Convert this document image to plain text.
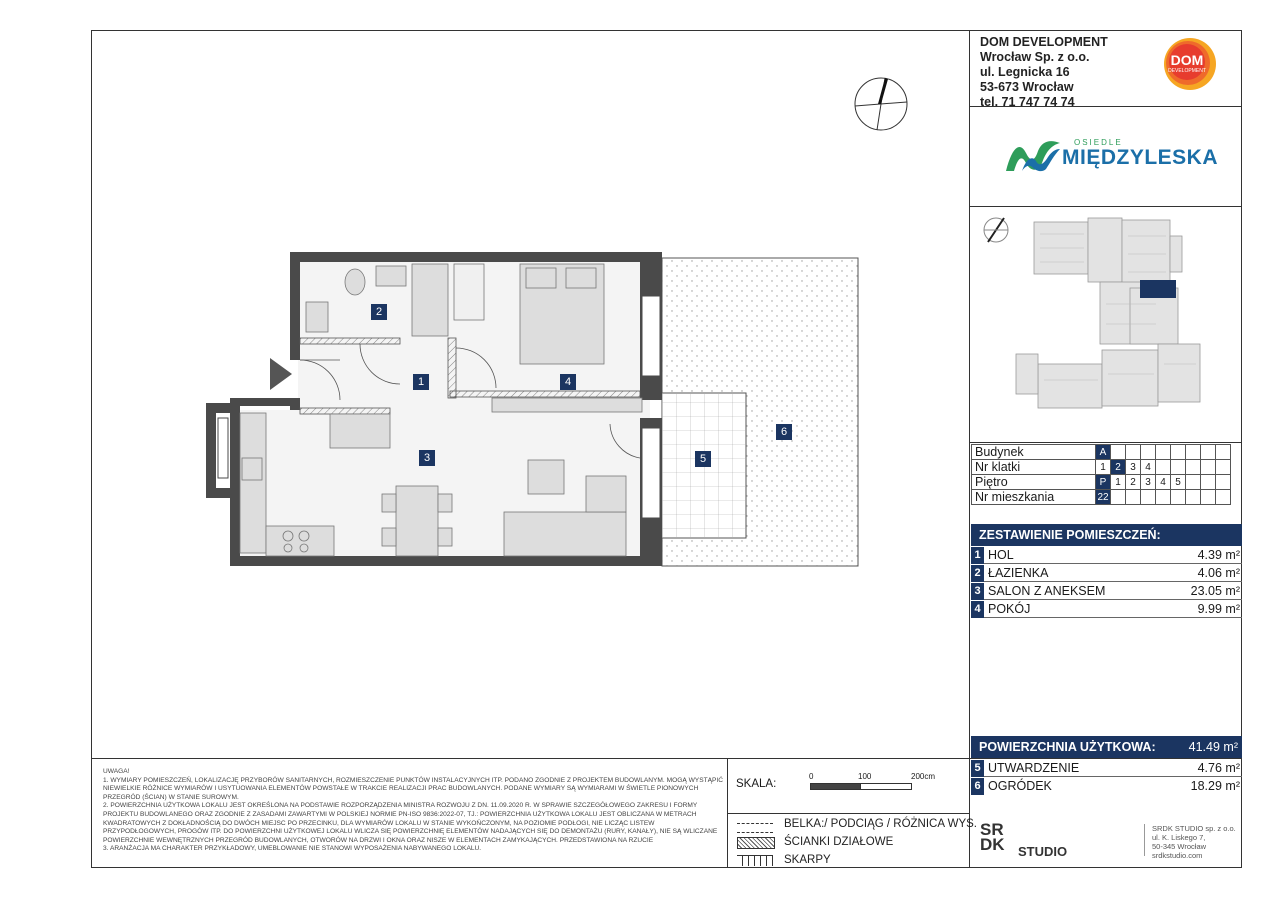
DOM DEVELOPMENT
Wrocław Sp. z o.o.
ul. Legnicka 16
53-673 Wrocław
tel. 71 747 74 74
DOM
DEVELOPMENT
OSIEDLE
MIĘDZYLESKA
Budynek	A								
Nr klatki	1	2	3	4					
Piętro	P	1	2	3	4	5			
Nr mieszkania	22								
ZESTAWIENIE POMIESZCZEŃ:
1 HOL	4.39 m²
2 ŁAZIENKA	4.06 m²
3 SALON Z ANEKSEM	23.05 m²
4 POKÓJ	9.99 m²
POWIERZCHNIA UŻYTKOWA:	41.49 m²
5 UTWARDZENIE	4.76 m²
6 OGRÓDEK	18.29 m²
2
1	4
3	5
6

UWAGA!

1. WYMIARY POMIESZCZEŃ, LOKALIZACJĘ PRZYBORÓW SANITARNYCH, ROZMIESZCZENIE PUNKTÓW INSTALACYJNYCH ITP. PODANO ZGODNIE Z PROJEKTEM BUDOWLANYM. MOGĄ WYSTĄPIĆ NIEWIELKIE RÓŻNICE WYMIARÓW I USYTUOWANIA ELEMENTÓW POWSTAŁE W TRAKCIE REALIZACJI PRAC BUDOWLANYCH. PODANE WYMIARY SĄ WYMIARAMI W ŚWIETLE PIONOWYCH PRZEGRÓD (ŚCIAN) W STANIE SUROWYM.

2. POWIERZCHNIA UŻYTKOWA LOKALU JEST OKREŚLONA NA PODSTAWIE ROZPORZĄDZENIA MINISTRA ROZWOJU Z DN. 11.09.2020 R. W SPRAWIE SZCZEGÓŁOWEGO ZAKRESU I FORMY PROJEKTU BUDOWLANEGO ORAZ ZGODNIE Z ZASADAMI ZAWARTYMI W POLSKIEJ NORMIE PN-ISO 9836:2022-07, TJ.: POWIERZCHNIA UŻYTKOWA LOKALU JEST OBLICZANA W METRACH KWADRATOWYCH Z DOKŁADNOŚCIĄ DO DWÓCH MIEJSC PO PRZECINKU, DLA WYMIARÓW LOKALU W STANIE WYKOŃCZONYM, NA POZIOMIE PODŁOGI, NIE LICZĄC LISTEW PRZYPODŁOGOWYCH, PROGÓW ITP. DO POWIERZCHNI UŻYTKOWEJ LOKALU WLICZA SIĘ POWIERZCHNIĘ ELEMENTÓW NADAJĄCYCH SIĘ DO DEMONTAŻU (RURY, KANAŁY), NIE SĄ WLICZANE POWIERZCHNIE WEWNĘTRZNYCH PRZEGRÓD BUDOWLANYCH, OTWORÓW NA DRZWI I OKNA ORAZ NISZE W ELEMENTACH ZAMYKAJĄCYCH. PRZEDSTAWIONA NA RZUCIE

3. ARANŻACJA MA CHARAKTER PRZYKŁADOWY, UMEBLOWANIE NIE STANOWI WYPOSAŻENIA NABYWANEGO LOKALU.

SKALA:
0	100	200cm
BELKA:/ PODCIĄG / RÓŻNICA WYS.
ŚCIANKI DZIAŁOWE
SKARPY
SR
DK STUDIO
SRDK STUDIO sp. z o.o.
ul. K. Liskego 7,
50-345 Wrocław
srdkstudio.com
